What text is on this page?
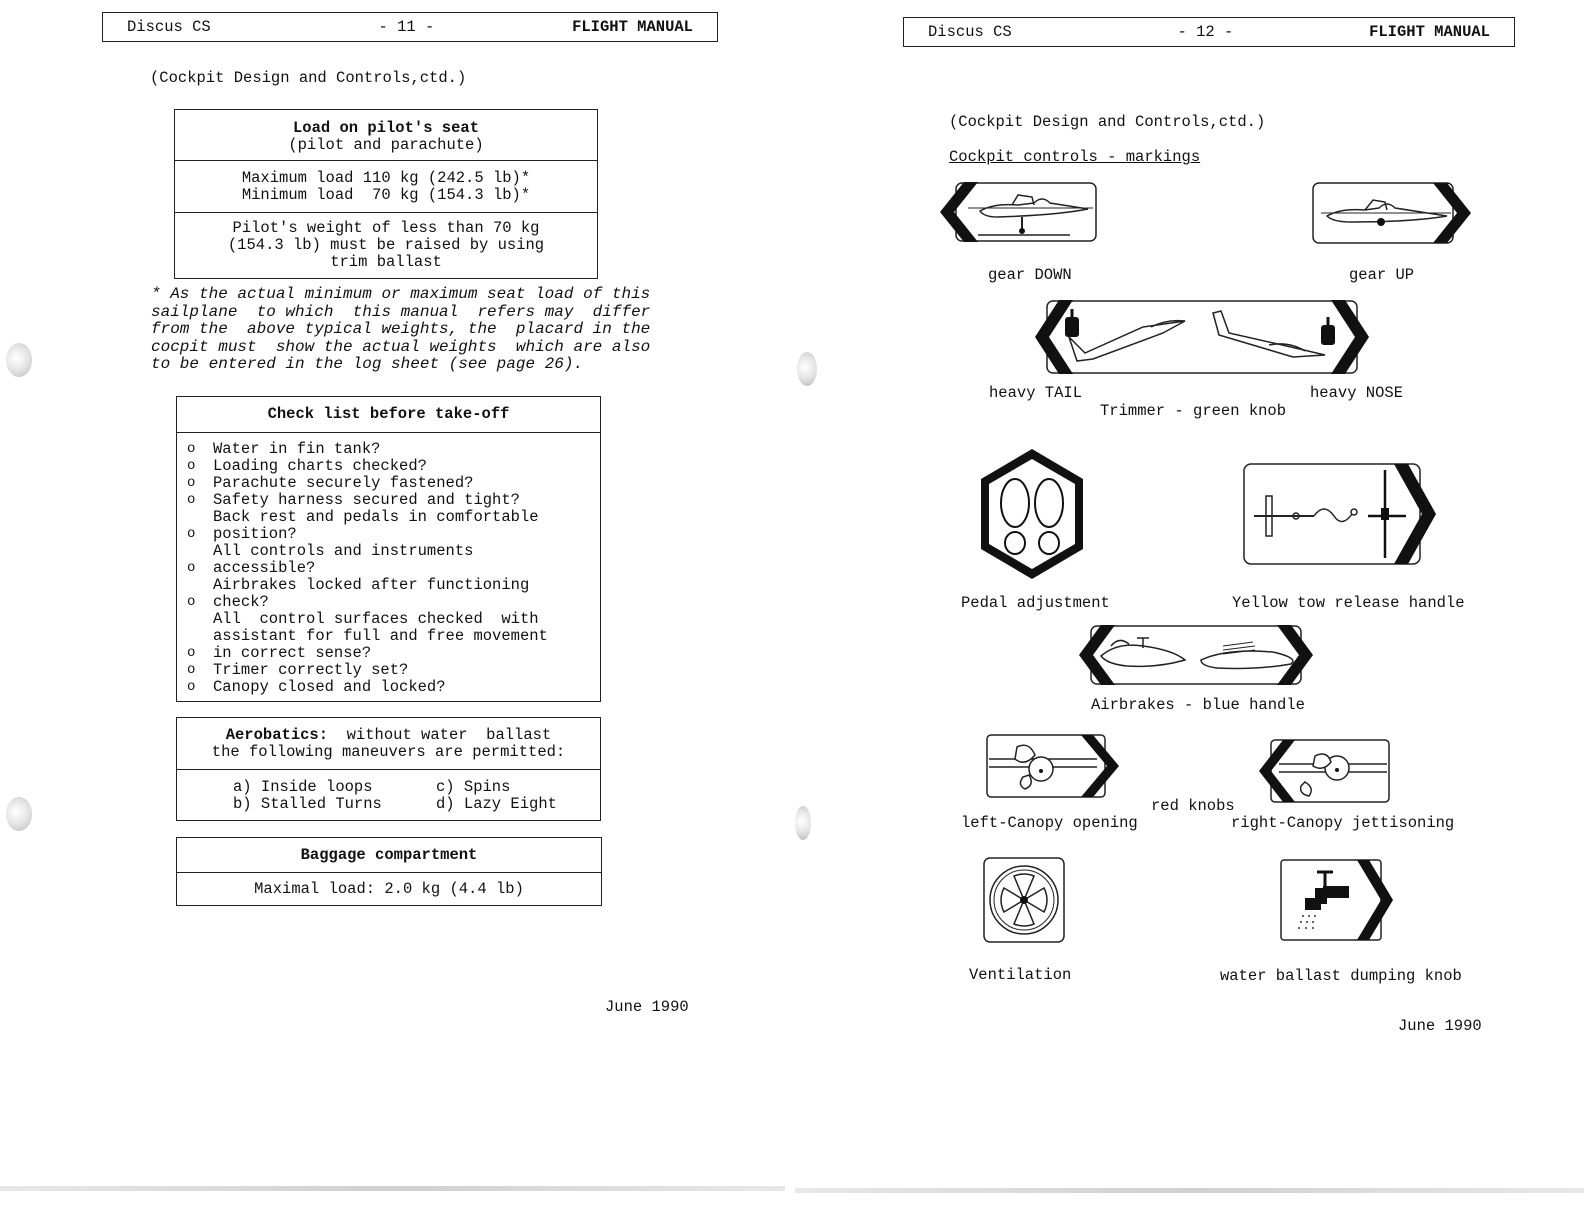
Discus CS	- 11 -	FLIGHT MANUAL
(Cockpit Design and Controls,ctd.)
Load on pilot's seat
(pilot and parachute)
Maximum load 110 kg (242.5 lb)*
Minimum load  70 kg (154.3 lb)*
Pilot's weight of less than 70 kg
(154.3 lb) must be raised by using
trim ballast

* As the actual minimum or maximum seat load of this

sailplane  to which  this manual  refers may  differ

from the  above typical weights, the  placard in the

cocpit must  show the actual weights  which are also

to be entered in the log sheet (see page 26).

Check list before take-off
o	Water in fin tank?
o	Loading charts checked?
o	Parachute securely fastened?
o	Safety harness secured and tight?
o
Back rest and pedals in comfortable
position?
o
All controls and instruments
accessible?
o
Airbrakes locked after functioning
check?
o
All  control surfaces checked  with
assistant for full and free movement
in correct sense?
o	Trimer correctly set?
o	Canopy closed and locked?
Aerobatics:  without water  ballast
the following maneuvers are permitted:
a) Inside loops
b) Stalled Turns
c) Spins
d) Lazy Eight
Baggage compartment
Maximal load: 2.0 kg (4.4 lb)
June 1990
Discus CS	- 12 -	FLIGHT MANUAL
(Cockpit Design and Controls,ctd.)
Cockpit controls - markings
gear DOWN	gear UP
heavy TAIL	heavy NOSE
Trimmer - green knob
Pedal adjustment	Yellow tow release handle
Airbrakes - blue handle
left-Canopy opening
red knobs
right-Canopy jettisoning
Ventilation	water ballast dumping knob
June 1990
